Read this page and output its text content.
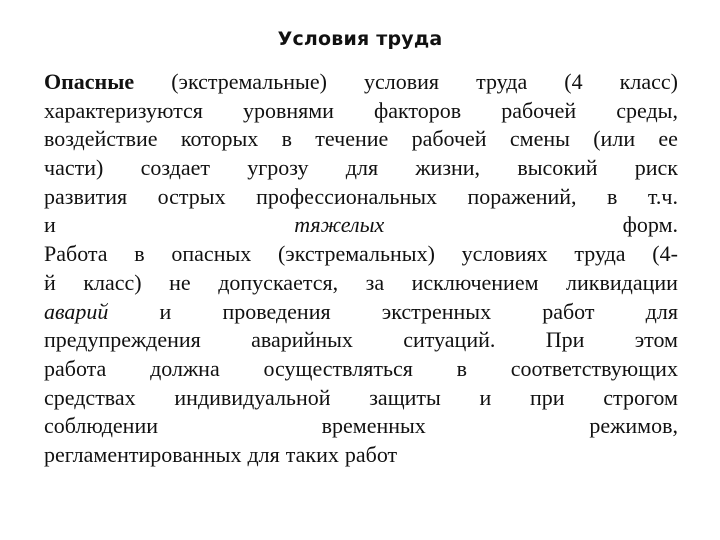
Условия труда
Опасные (экстремальные) условия труда (4 класс)
характеризуются уровнями факторов рабочей среды,
воздействие которых в течение рабочей смены (или ее
части) создает угрозу для жизни, высокий риск
развития острых профессиональных поражений, в т.ч.
и	тяжелых	форм.
Работа в опасных (экстремальных) условиях труда (4-
й класс) не допускается, за исключением ликвидации
аварий и проведения экстренных работ для
предупреждения аварийных ситуаций. При этом
работа должна осуществляться в соответствующих
средствах индивидуальной защиты и при строгом
соблюдении	временных	режимов,
регламентированных для таких работ
